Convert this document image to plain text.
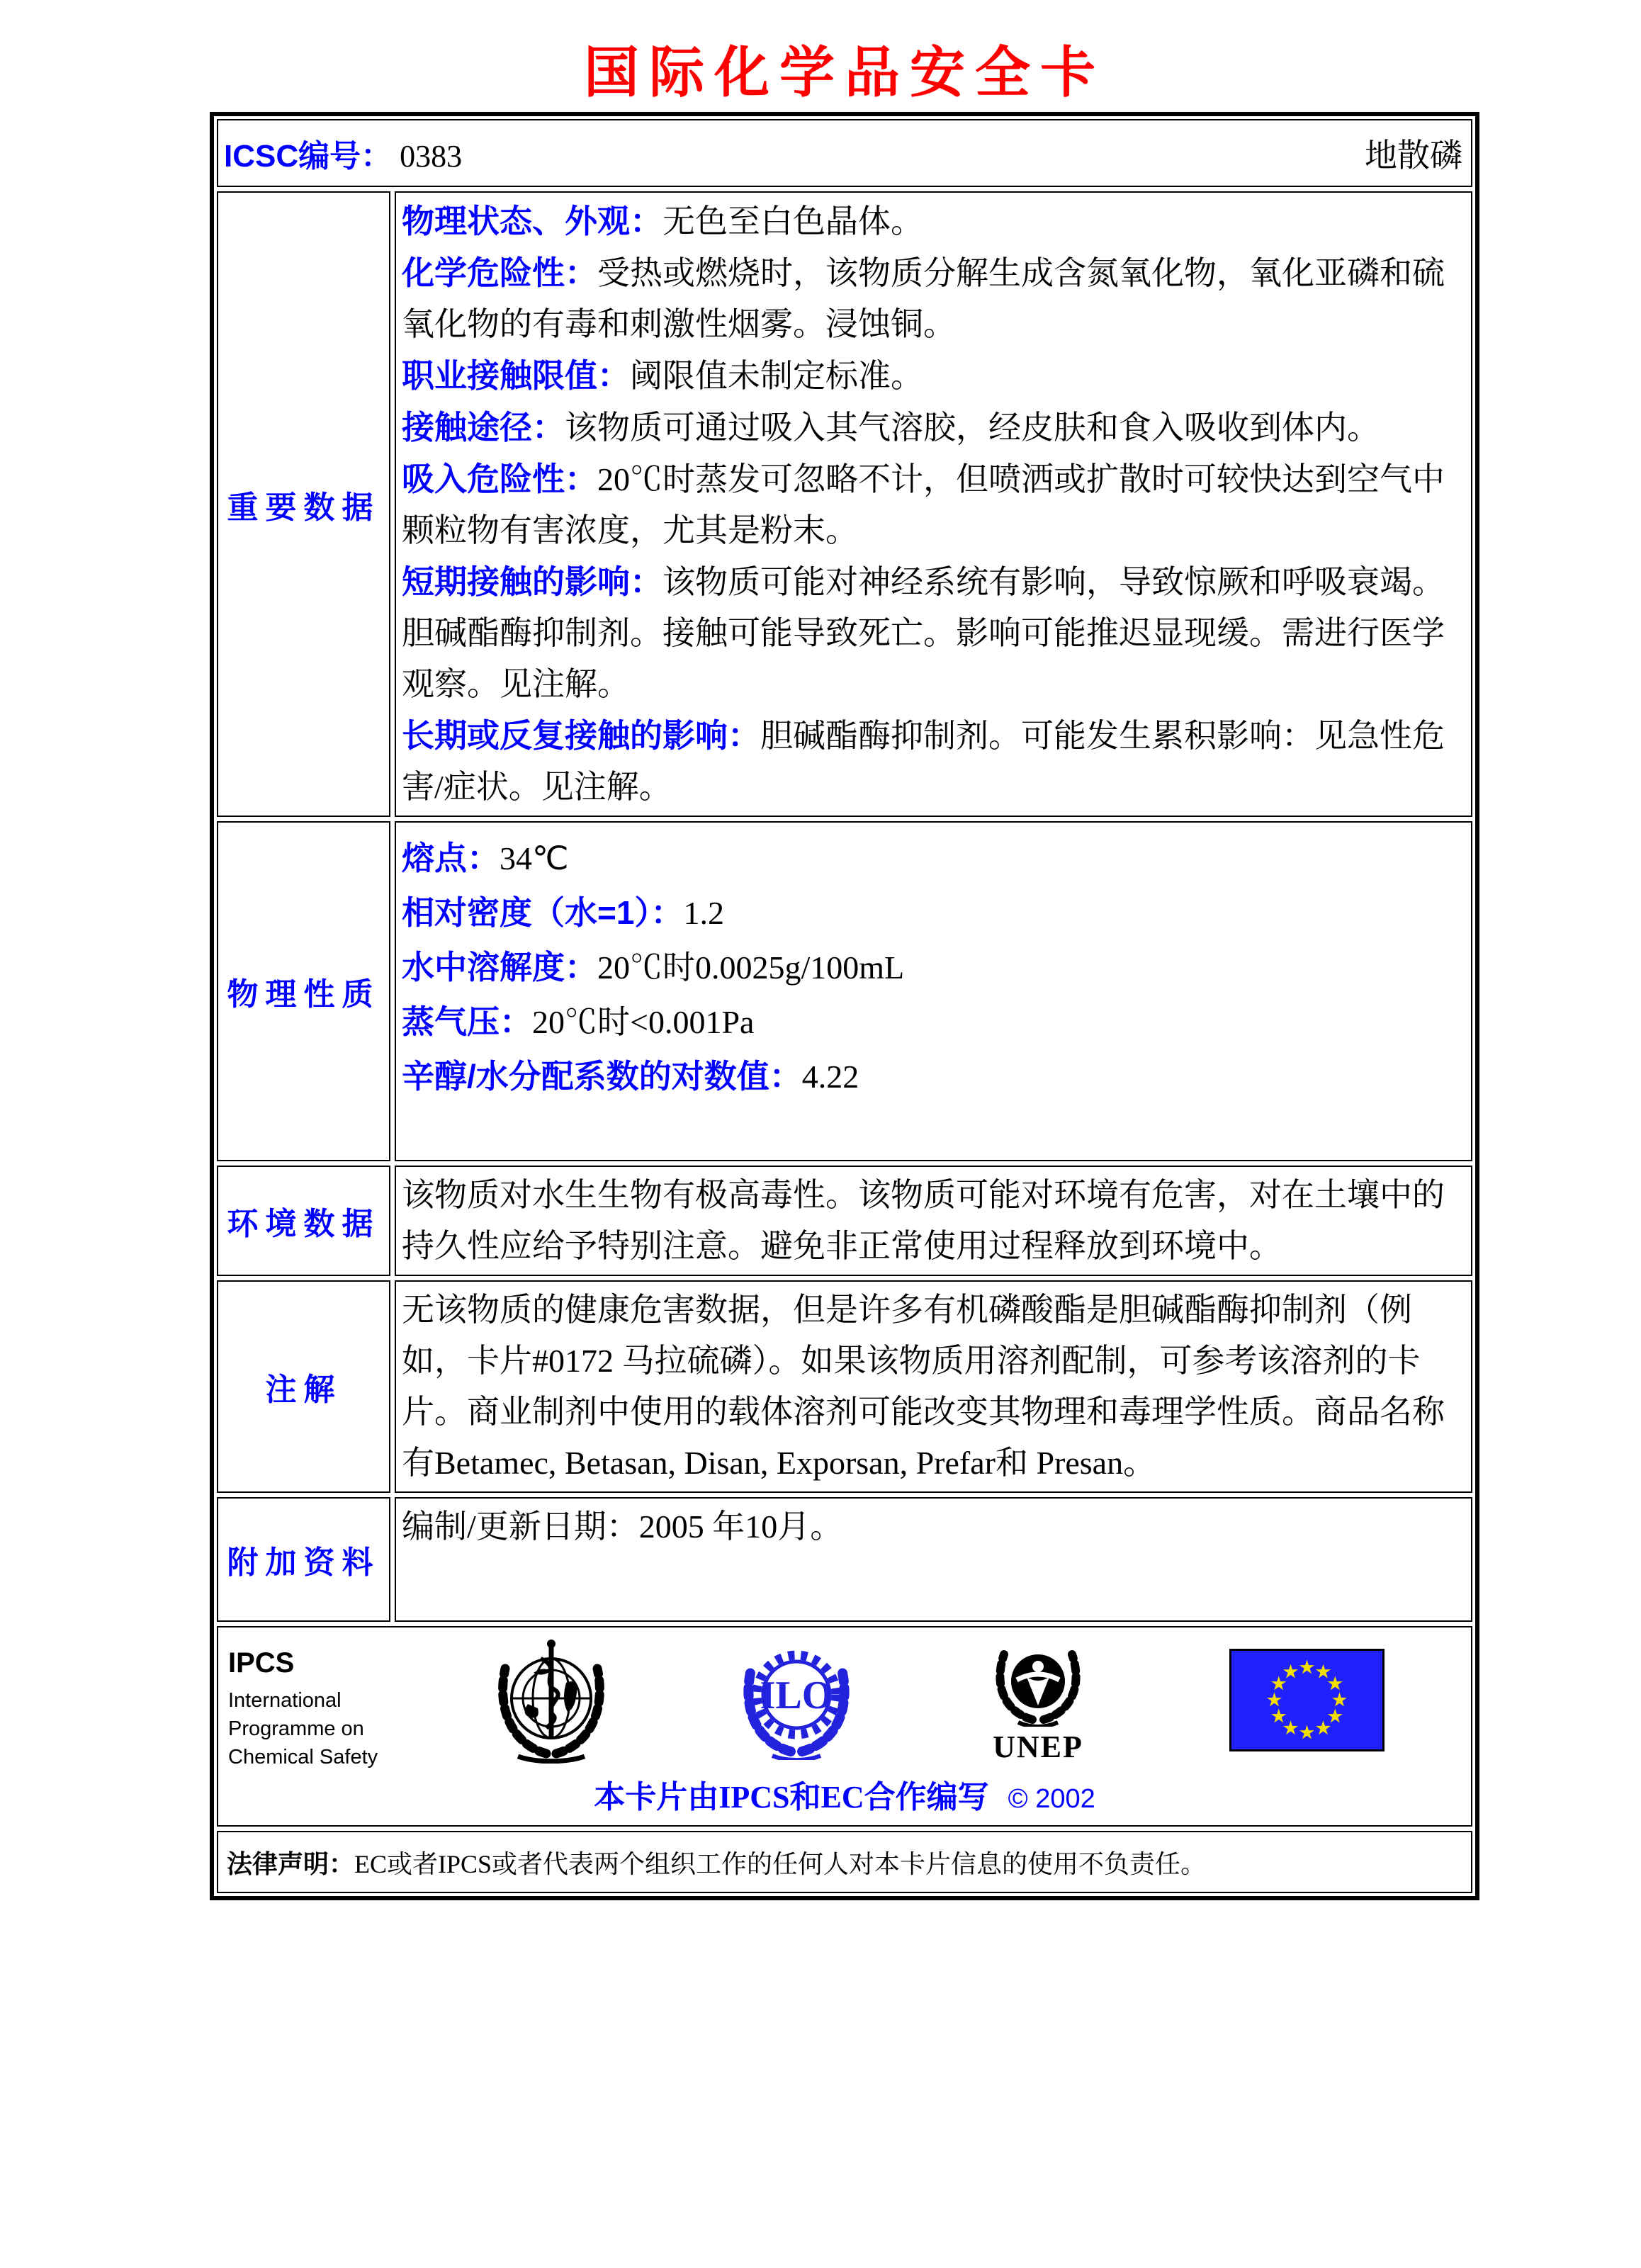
国际化学品安全卡
ICSC编号： 0383	地散磷
重要数据

物理状态、外观：无色至白色晶体。

化学危险性：受热或燃烧时，该物质分解生成含氮氧化物，氧化亚磷和硫氧化物的有毒和刺激性烟雾。浸蚀铜。

职业接触限值：阈限值未制定标准。

接触途径：该物质可通过吸入其气溶胶，经皮肤和食入吸收到体内。

吸入危险性：20℃时蒸发可忽略不计，但喷洒或扩散时可较快达到空气中颗粒物有害浓度，尤其是粉末。

短期接触的影响：该物质可能对神经系统有影响，导致惊厥和呼吸衰竭。胆碱酯酶抑制剂。接触可能导致死亡。影响可能推迟显现缓。需进行医学观察。见注解。

长期或反复接触的影响：胆碱酯酶抑制剂。可能发生累积影响：见急性危害/症状。见注解。

物理性质

熔点：34℃

相对密度（水=1）：1.2

水中溶解度：20℃时0.0025g/100mL

蒸气压：20℃时<0.001Pa

辛醇/水分配系数的对数值：4.22

环境数据

该物质对水生生物有极高毒性。该物质可能对环境有危害，对在土壤中的持久性应给予特别注意。避免非正常使用过程释放到环境中。

注解

无该物质的健康危害数据，但是许多有机磷酸酯是胆碱酯酶抑制剂（例如，卡片#0172 马拉硫磷）。如果该物质用溶剂配制，可参考该溶剂的卡片。商业制剂中使用的载体溶剂可能改变其物理和毒理学性质。商品名称有Betamec, Betasan, Disan, Exporsan, Prefar和 Presan。

附加资料

编制/更新日期：2005 年10月。

IPCS
International
Programme on
Chemical Safety
ILO
UNEP
本卡片由IPCS和EC合作编写 © 2002
法律声明： EC或者IPCS或者代表两个组织工作的任何人对本卡片信息的使用不负责任。
